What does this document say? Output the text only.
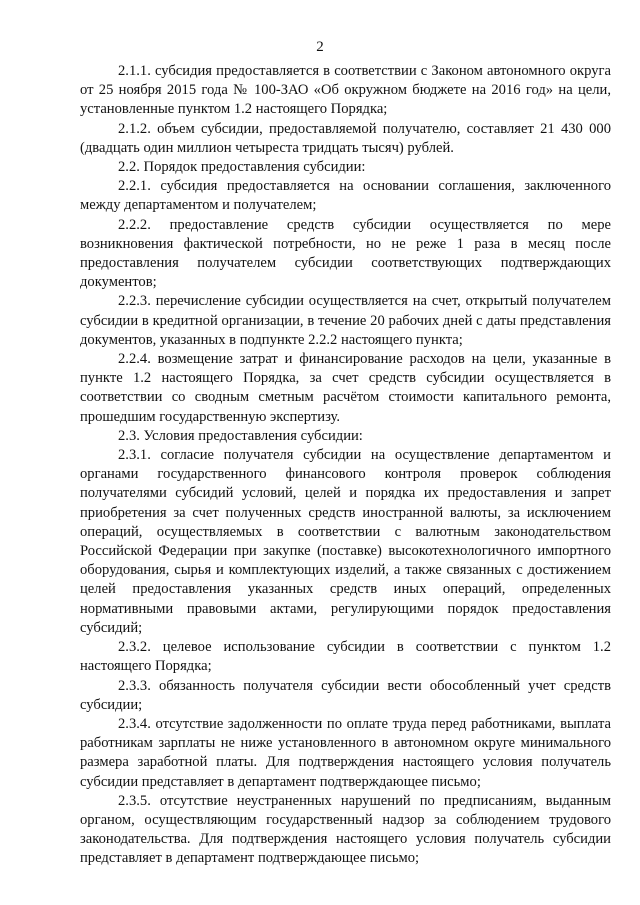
2

2.1.1. субсидия предоставляется в соответствии с Законом автономного округа от 25 ноября 2015 года № 100-ЗАО «Об окружном бюджете на 2016 год» на цели, установленные пунктом 1.2 настоящего Порядка;

2.1.2. объем субсидии, предоставляемой получателю, составляет 21 430 000 (двадцать один миллион четыреста тридцать тысяч) рублей.

2.2. Порядок предоставления субсидии:

2.2.1. субсидия предоставляется на основании соглашения, заключенного между департаментом и получателем;

2.2.2. предоставление средств субсидии осуществляется по мере возникновения фактической потребности, но не реже 1 раза в месяц после предоставления получателем субсидии соответствующих подтверждающих документов;

2.2.3. перечисление субсидии осуществляется на счет, открытый получателем субсидии в кредитной организации, в течение 20 рабочих дней с даты представления документов, указанных в подпункте 2.2.2 настоящего пункта;

2.2.4. возмещение затрат и финансирование расходов на цели, указанные в пункте 1.2 настоящего Порядка, за счет средств субсидии осуществляется в соответствии со сводным сметным расчётом стоимости капитального ремонта, прошедшим государственную экспертизу.

2.3. Условия предоставления субсидии:

2.3.1. согласие получателя субсидии на осуществление департаментом и органами государственного финансового контроля проверок соблюдения получателями субсидий условий, целей и порядка их предоставления и запрет приобретения за счет полученных средств иностранной валюты, за исключением операций, осуществляемых в соответствии с валютным законодательством Российской Федерации при закупке (поставке) высокотехнологичного импортного оборудования, сырья и комплектующих изделий, а также связанных с достижением целей предоставления указанных средств иных операций, определенных нормативными правовыми актами, регулирующими порядок предоставления субсидий;

2.3.2. целевое использование субсидии в соответствии с пунктом 1.2 настоящего Порядка;

2.3.3. обязанность получателя субсидии вести обособленный учет средств субсидии;

2.3.4. отсутствие задолженности по оплате труда перед работниками, выплата работникам зарплаты не ниже установленного в автономном округе минимального размера заработной платы. Для подтверждения настоящего условия получатель субсидии представляет в департамент подтверждающее письмо;

2.3.5. отсутствие неустраненных нарушений по предписаниям, выданным органом, осуществляющим государственный надзор за соблюдением трудового законодательства. Для подтверждения настоящего условия получатель субсидии представляет в департамент подтверждающее письмо;
